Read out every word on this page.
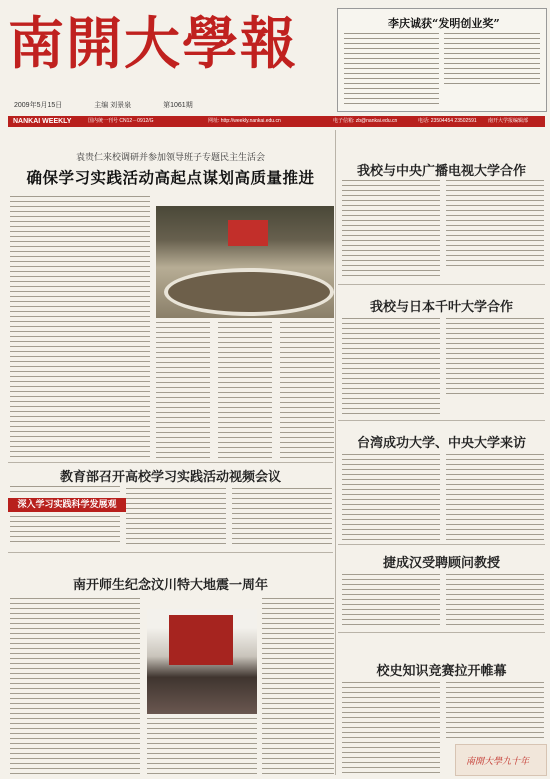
南開大學報
2009年5月15日	主编 刘景泉	第1061期
李庆诚获“发明创业奖”
NANKAI WEEKLY	国内统一刊号 CN12－0912/G	网址: http://weekly.nankai.edu.cn	电子信箱: zb@nankai.edu.cn	电话: 23504454 23502591 南开大学报编辑部
袁贵仁来校调研并参加领导班子专题民主生活会
确保学习实践活动高起点谋划高质量推进
教育部召开高校学习实践活动视频会议
深入学习实践科学发展观
南开师生纪念汶川特大地震一周年
我校与中央广播电视大学合作
我校与日本千叶大学合作
台湾成功大学、中央大学来访
捷成汉受聘顾问教授
校史知识竞赛拉开帷幕
南開大學九十年
